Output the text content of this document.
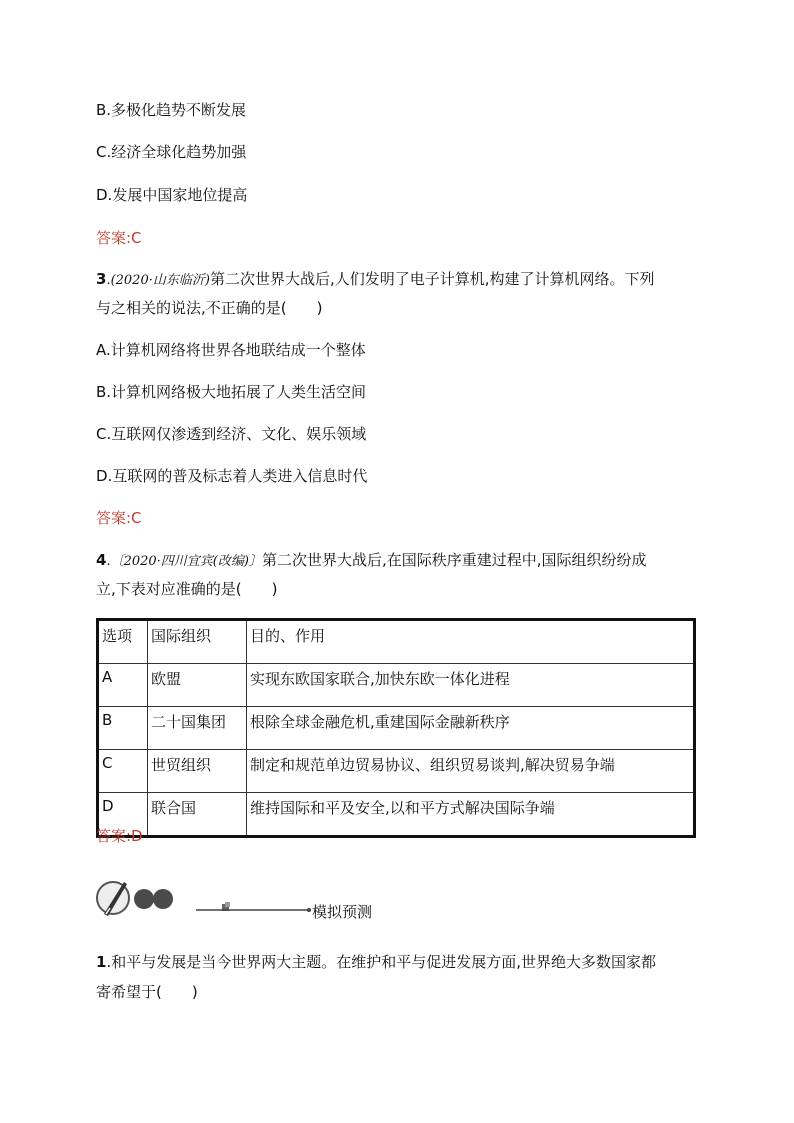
B.多极化趋势不断发展
C.经济全球化趋势加强
D.发展中国家地位提高
答案:C
3.(2020·山东临沂)第二次世界大战后,人们发明了电子计算机,构建了计算机网络。下列
与之相关的说法,不正确的是(　　)
A.计算机网络将世界各地联结成一个整体
B.计算机网络极大地拓展了人类生活空间
C.互联网仅渗透到经济、文化、娱乐领域
D.互联网的普及标志着人类进入信息时代
答案:C
4.〔2020·四川宜宾(改编)〕第二次世界大战后,在国际秩序重建过程中,国际组织纷纷成
立,下表对应准确的是(　　)
选项	国际组织	目的、作用
A	欧盟	实现东欧国家联合,加快东欧一体化进程
B	二十国集团	根除全球金融危机,重建国际金融新秩序
C	世贸组织	制定和规范单边贸易协议、组织贸易谈判,解决贸易争端
D	联合国	维持国际和平及安全,以和平方式解决国际争端
答案:D
模拟预测
1.和平与发展是当今世界两大主题。在维护和平与促进发展方面,世界绝大多数国家都
寄希望于(　　)
